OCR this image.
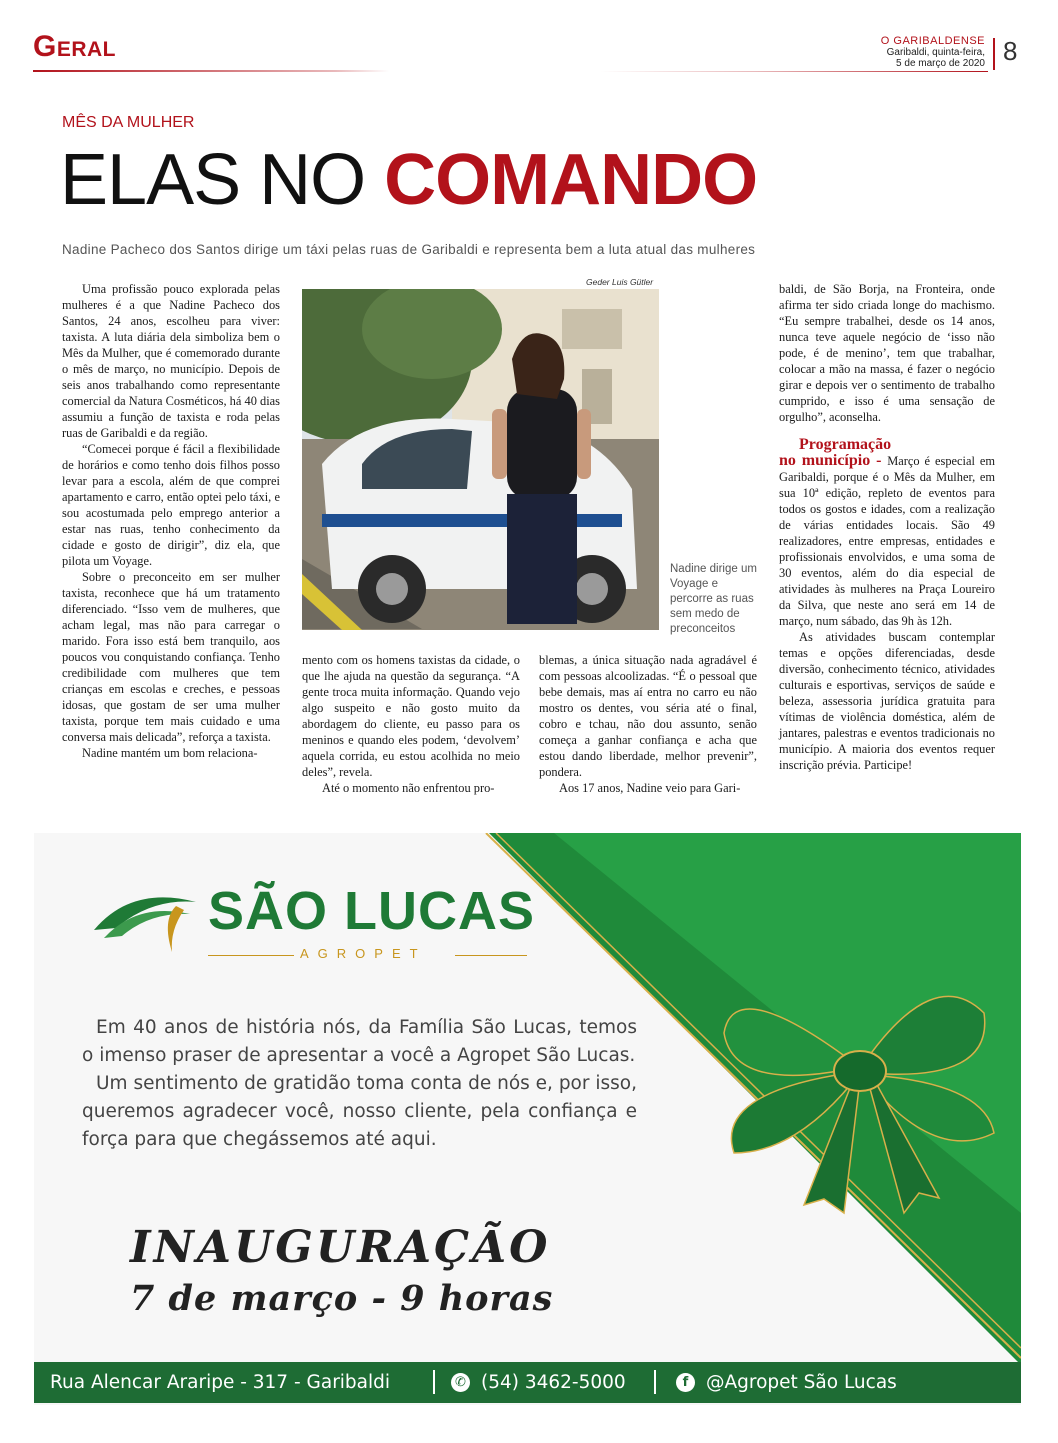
Geral	O GARIBALDENSE
Garibaldi, quinta-feira,
5 de março de 2020 8
MÊS DA MULHER
ELAS NO COMANDO
Nadine Pacheco dos Santos dirige um táxi pelas ruas de Garibaldi e representa bem a luta atual das mulheres

Uma profissão pouco explorada pelas mulheres é a que Nadine Pacheco dos Santos, 24 anos, escolheu para viver: taxista. A luta diária dela simboliza bem o Mês da Mulher, que é comemorado durante o mês de março, no município. Depois de seis anos trabalhando como representante comercial da Natura Cosméticos, há 40 dias assumiu a função de taxista e roda pelas ruas de Garibaldi e da região.

“Comecei porque é fácil a flexibilidade de horários e como tenho dois filhos posso levar para a escola, além de que comprei apartamento e carro, então optei pelo táxi, e sou acostumada pelo emprego anterior a estar nas ruas, tenho conhecimento da cidade e gosto de dirigir”, diz ela, que pilota um Voyage.

Sobre o preconceito em ser mulher taxista, reconhece que há um tratamento diferenciado. “Isso vem de mulheres, que acham legal, mas não para carregar o marido. Fora isso está bem tranquilo, aos poucos vou conquistando confiança. Tenho credibilidade com mulheres que tem crianças em escolas e creches, e pessoas idosas, que gostam de ser uma mulher taxista, porque tem mais cuidado e uma conversa mais delicada”, reforça a taxista.

Nadine mantém um bom relaciona-

Geder Luis Gütler
Nadine dirige um Voyage e percorre as ruas sem medo de preconceitos

mento com os homens taxistas da cidade, o que lhe ajuda na questão da segurança. “A gente troca muita informação. Quando vejo algo suspeito e não gosto muito da abordagem do cliente, eu passo para os meninos e quando eles podem, ‘devolvem’ aquela corrida, eu estou acolhida no meio deles”, revela.

Até o momento não enfrentou pro-

blemas, a única situação nada agradável é com pessoas alcoolizadas. “É o pessoal que bebe demais, mas aí entra no carro eu não mostro os dentes, vou séria até o final, cobro e tchau, não dou assunto, senão começa a ganhar confiança e acha que estou dando liberdade, melhor prevenir”, pondera.

Aos 17 anos, Nadine veio para Gari-

baldi, de São Borja, na Fronteira, onde afirma ter sido criada longe do machismo. “Eu sempre trabalhei, desde os 14 anos, nunca teve aquele negócio de ‘isso não pode, é de menino’, tem que trabalhar, colocar a mão na massa, é fazer o negócio girar e depois ver o sentimento de trabalho cumprido, e isso é uma sensação de orgulho”, aconselha.

Programação
no município - Março é especial em Garibaldi, porque é o Mês da Mulher, em sua 10ª edição, repleto de eventos para todos os gostos e idades, com a realização de várias entidades locais. São 49 realizadores, entre empresas, entidades e profissionais envolvidos, e uma soma de 30 eventos, além do dia especial de atividades às mulheres na Praça Loureiro da Silva, que neste ano será em 14 de março, num sábado, das 9h às 12h.

As atividades buscam contemplar temas e opções diferenciadas, desde diversão, conhecimento técnico, atividades culturais e esportivas, serviços de saúde e beleza, assessoria jurídica gratuita para vítimas de violência doméstica, além de jantares, palestras e eventos tradicionais no município. A maioria dos eventos requer inscrição prévia. Participe!

SÃO LUCAS
AGROPET

Em 40 anos de história nós, da Família São Lucas, temos o imenso praser de apresentar a você a Agropet São Lucas.

Um sentimento de gratidão toma conta de nós e, por isso, queremos agradecer você, nosso cliente, pela confiança e força para que chegássemos até aqui.

INAUGURAÇÃO
7 de março - 9 horas
Rua Alencar Araripe - 317 - Garibaldi	✆ (54) 3462-5000	f @Agropet São Lucas
